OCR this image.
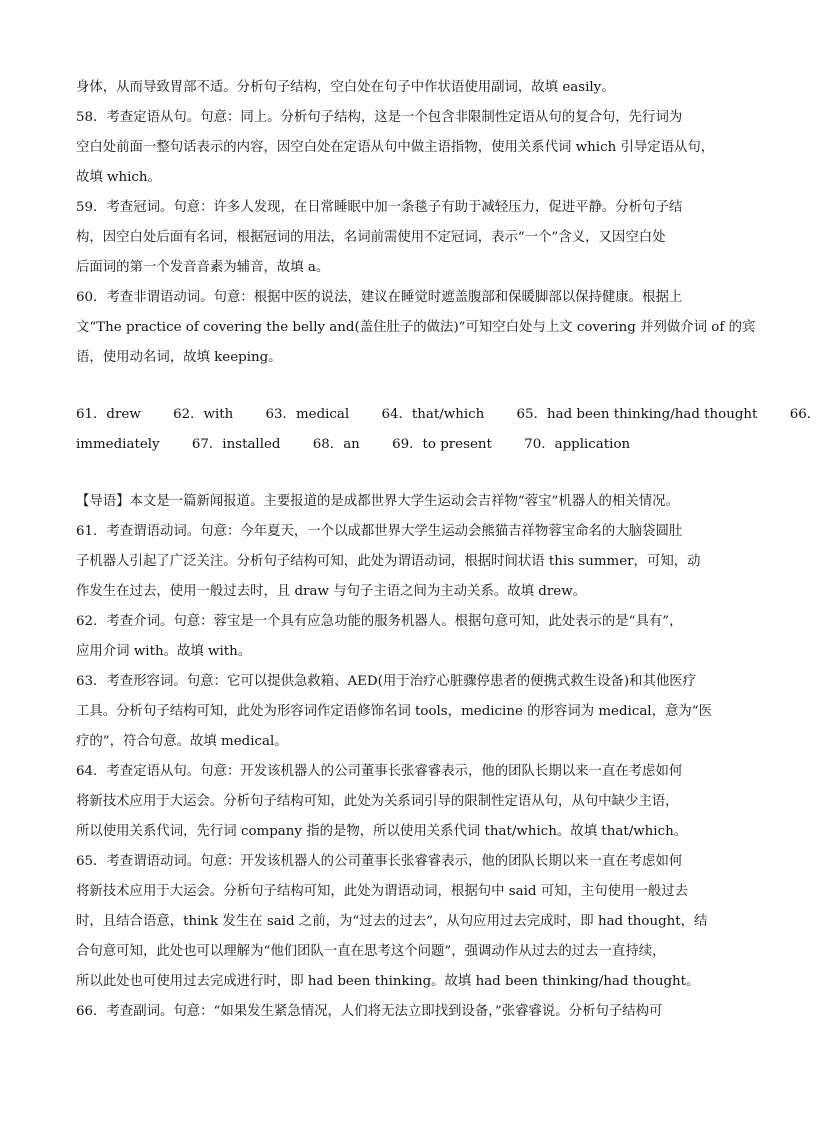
身体，从而导致胃部不适。分析句子结构，空白处在句子中作状语使用副词，故填 easily。
58．考查定语从句。句意：同上。分析句子结构，这是一个包含非限制性定语从句的复合句，先行词为
空白处前面一整句话表示的内容，因空白处在定语从句中做主语指物，使用关系代词 which 引导定语从句，
故填 which。
59．考查冠词。句意：许多人发现，在日常睡眠中加一条毯子有助于减轻压力，促进平静。分析句子结
构，因空白处后面有名词，根据冠词的用法，名词前需使用不定冠词，表示“一个”含义，又因空白处
后面词的第一个发音音素为辅音，故填 a。
60．考查非谓语动词。句意：根据中医的说法，建议在睡觉时遮盖腹部和保暖脚部以保持健康。根据上
文“The practice of covering the belly and(盖住肚子的做法)”可知空白处与上文 covering 并列做介词 of 的宾
语，使用动名词，故填 keeping。
61．drew 62．with 63．medical 64．that/which 65．had been thinking/had thought 66．
immediately 67．installed 68．an 69．to present 70．application
【导语】本文是一篇新闻报道。主要报道的是成都世界大学生运动会吉祥物“蓉宝”机器人的相关情况。
61．考查谓语动词。句意：今年夏天，一个以成都世界大学生运动会熊猫吉祥物蓉宝命名的大脑袋圆肚
子机器人引起了广泛关注。分析句子结构可知，此处为谓语动词，根据时间状语 this summer，可知，动
作发生在过去，使用一般过去时，且 draw 与句子主语之间为主动关系。故填 drew。
62．考查介词。句意：蓉宝是一个具有应急功能的服务机器人。根据句意可知，此处表示的是“具有”，
应用介词 with。故填 with。
63．考查形容词。句意：它可以提供急救箱、AED(用于治疗心脏骤停患者的便携式救生设备)和其他医疗
工具。分析句子结构可知，此处为形容词作定语修饰名词 tools，medicine 的形容词为 medical，意为“医
疗的”，符合句意。故填 medical。
64．考查定语从句。句意：开发该机器人的公司董事长张睿睿表示，他的团队长期以来一直在考虑如何
将新技术应用于大运会。分析句子结构可知，此处为关系词引导的限制性定语从句，从句中缺少主语，
所以使用关系代词，先行词 company 指的是物，所以使用关系代词 that/which。故填 that/which。
65．考查谓语动词。句意：开发该机器人的公司董事长张睿睿表示，他的团队长期以来一直在考虑如何
将新技术应用于大运会。分析句子结构可知，此处为谓语动词，根据句中 said 可知，主句使用一般过去
时，且结合语意，think 发生在 said 之前，为“过去的过去”，从句应用过去完成时，即 had thought，结
合句意可知，此处也可以理解为“他们团队一直在思考这个问题”，强调动作从过去的过去一直持续，
所以此处也可使用过去完成进行时，即 had been thinking。故填 had been thinking/had thought。
66．考查副词。句意：“如果发生紧急情况，人们将无法立即找到设备，”张睿睿说。分析句子结构可
